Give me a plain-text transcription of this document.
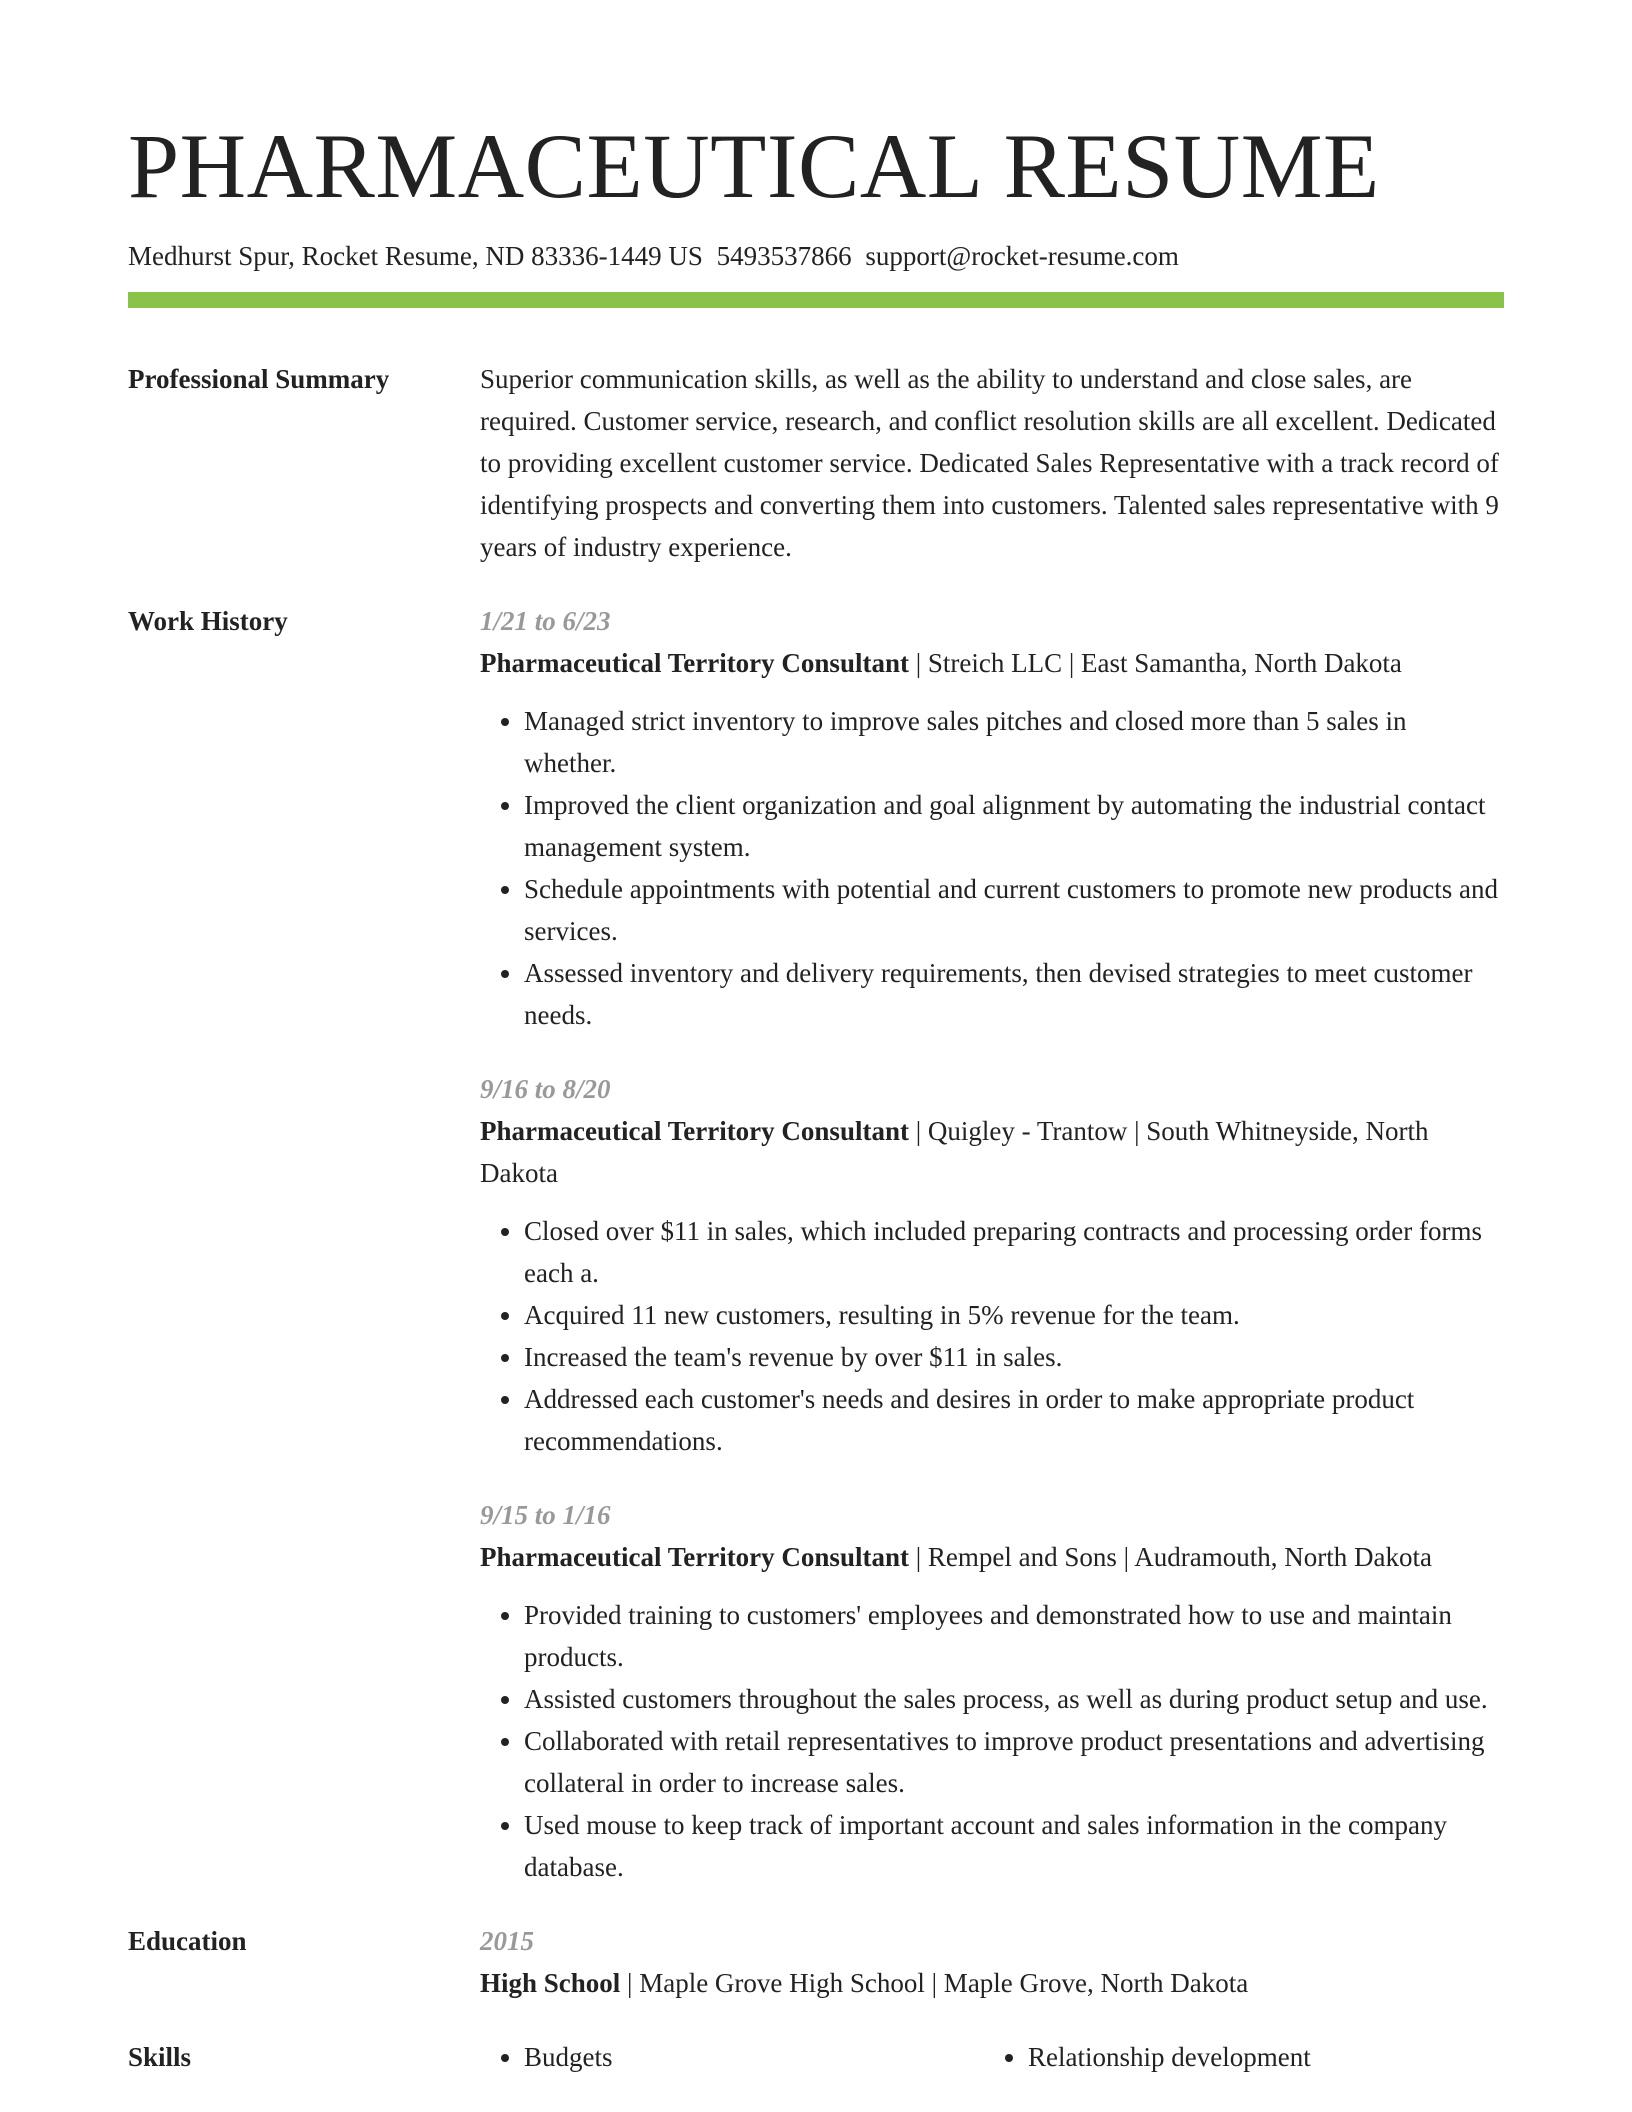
PHARMACEUTICAL RESUME
Medhurst Spur, Rocket Resume, ND 83336-1449 US 5493537866 support@rocket-resume.com
Professional Summary	Superior communication skills, as well as the ability to understand and close sales, are required. Customer service, research, and conflict resolution skills are all excellent. Dedicated to providing excellent customer service. Dedicated Sales Representative with a track record of identifying prospects and converting them into customers. Talented sales representative with 9 years of industry experience.
Work History	1/21 to 6/23
Pharmaceutical Territory Consultant | Streich LLC | East Samantha, North Dakota
• Managed strict inventory to improve sales pitches and closed more than 5 sales in whether.
• Improved the client organization and goal alignment by automating the industrial contact management system.
• Schedule appointments with potential and current customers to promote new products and services.
• Assessed inventory and delivery requirements, then devised strategies to meet customer needs.
9/16 to 8/20
Pharmaceutical Territory Consultant | Quigley - Trantow | South Whitneyside, North Dakota
• Closed over $11 in sales, which included preparing contracts and processing order forms each a.
• Acquired 11 new customers, resulting in 5% revenue for the team.
• Increased the team's revenue by over $11 in sales.
• Addressed each customer's needs and desires in order to make appropriate product recommendations.
9/15 to 1/16
Pharmaceutical Territory Consultant | Rempel and Sons | Audramouth, North Dakota
• Provided training to customers' employees and demonstrated how to use and maintain products.
• Assisted customers throughout the sales process, as well as during product setup and use.
• Collaborated with retail representatives to improve product presentations and advertising collateral in order to increase sales.
• Used mouse to keep track of important account and sales information in the company database.
Education	2015
High School | Maple Grove High School | Maple Grove, North Dakota
Skills	• Budgets	• Relationship development
